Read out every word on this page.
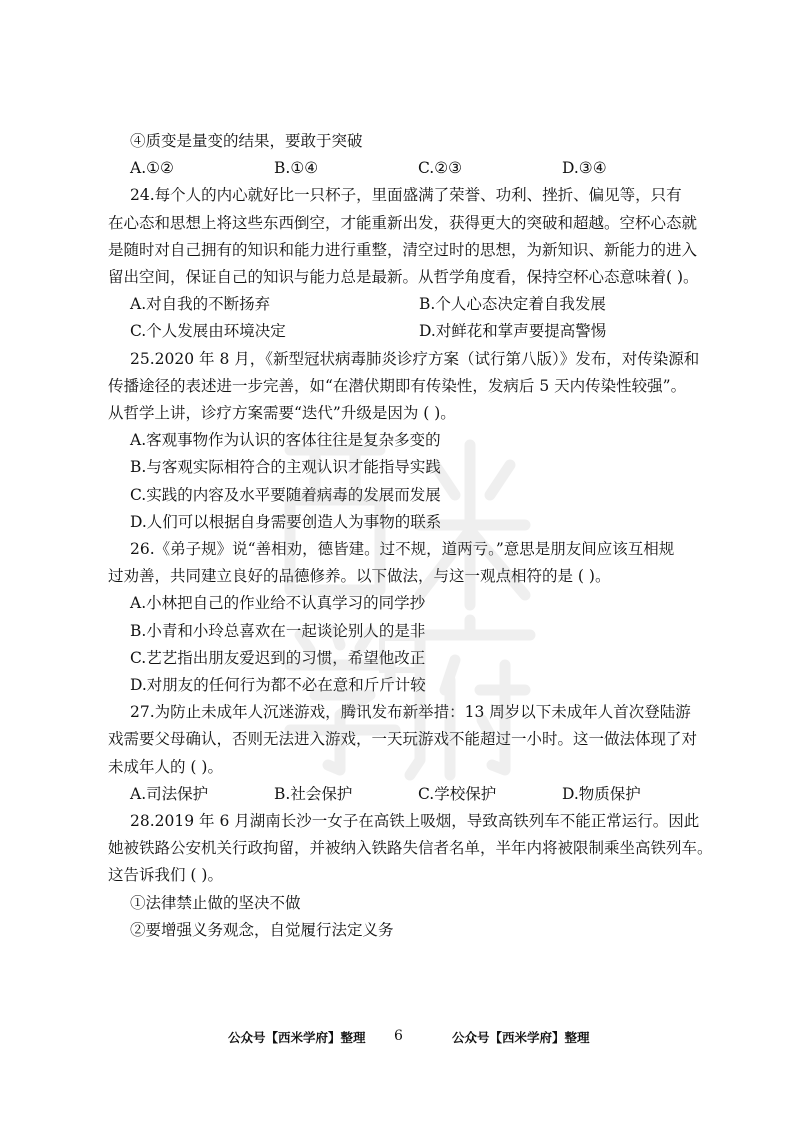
④质变是量变的结果，要敢于突破
A.①②	B.①④	C.②③	D.③④
24.每个人的内心就好比一只杯子，里面盛满了荣誉、功利、挫折、偏见等，只有
在心态和思想上将这些东西倒空，才能重新出发，获得更大的突破和超越。空杯心态就
是随时对自己拥有的知识和能力进行重整，清空过时的思想，为新知识、新能力的进入
留出空间，保证自己的知识与能力总是最新。从哲学角度看，保持空杯心态意味着( )。
A.对自我的不断扬弃	B.个人心态决定着自我发展
C.个人发展由环境决定	D.对鲜花和掌声要提高警惕
25.2020 年 8 月，《新型冠状病毒肺炎诊疗方案（试行第八版）》发布，对传染源和
传播途径的表述进一步完善，如“在潜伏期即有传染性，发病后 5 天内传染性较强”。
从哲学上讲，诊疗方案需要“迭代”升级是因为 ( )。
A.客观事物作为认识的客体往往是复杂多变的
B.与客观实际相符合的主观认识才能指导实践
C.实践的内容及水平要随着病毒的发展而发展
D.人们可以根据自身需要创造人为事物的联系
26.《弟子规》说“善相劝，德皆建。过不规，道两亏。”意思是朋友间应该互相规
过劝善，共同建立良好的品德修养。以下做法，与这一观点相符的是 ( )。
A.小林把自己的作业给不认真学习的同学抄
B.小青和小玲总喜欢在一起谈论别人的是非
C.艺艺指出朋友爱迟到的习惯，希望他改正
D.对朋友的任何行为都不必在意和斤斤计较
27.为防止未成年人沉迷游戏，腾讯发布新举措：13 周岁以下未成年人首次登陆游
戏需要父母确认，否则无法进入游戏，一天玩游戏不能超过一小时。这一做法体现了对
未成年人的 ( )。
A.司法保护	B.社会保护	C.学校保护	D.物质保护
28.2019 年 6 月湖南长沙一女子在高铁上吸烟，导致高铁列车不能正常运行。因此
她被铁路公安机关行政拘留，并被纳入铁路失信者名单，半年内将被限制乘坐高铁列车。
这告诉我们 ( )。
①法律禁止做的坚决不做
②要增强义务观念，自觉履行法定义务
公众号【西米学府】整理 6	公众号【西米学府】整理
